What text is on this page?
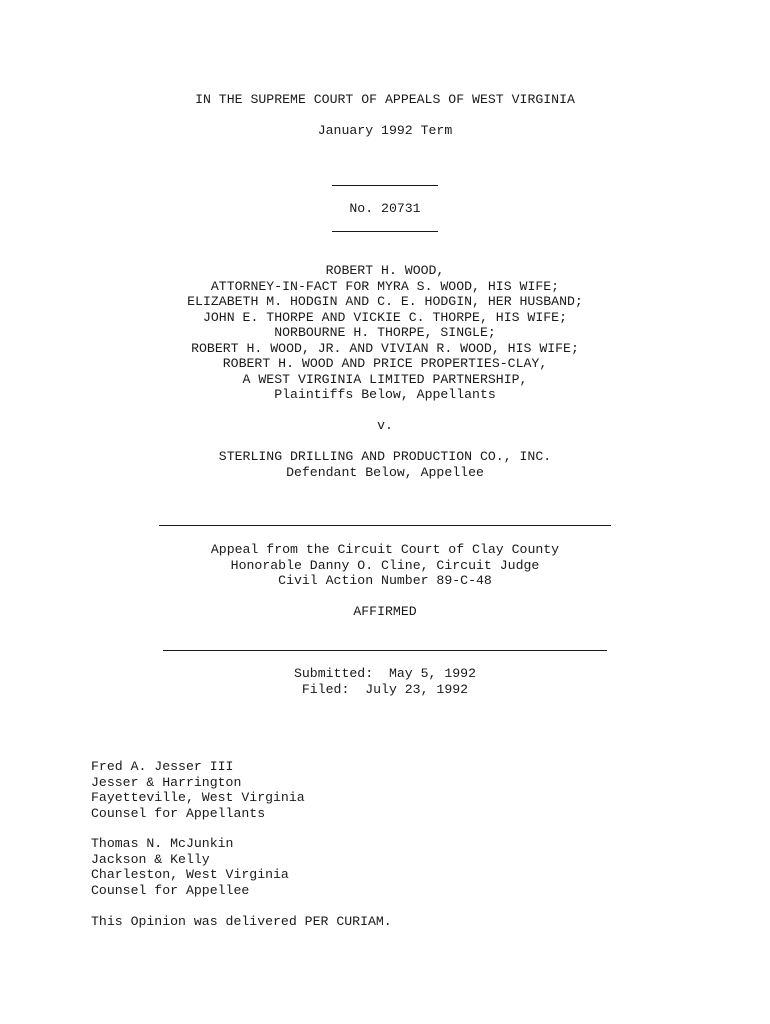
IN THE SUPREME COURT OF APPEALS OF WEST VIRGINIA
January 1992 Term
No. 20731
ROBERT H. WOOD,
ATTORNEY-IN-FACT FOR MYRA S. WOOD, HIS WIFE;
ELIZABETH M. HODGIN AND C. E. HODGIN, HER HUSBAND;
JOHN E. THORPE AND VICKIE C. THORPE, HIS WIFE;
NORBOURNE H. THORPE, SINGLE;
ROBERT H. WOOD, JR. AND VIVIAN R. WOOD, HIS WIFE;
ROBERT H. WOOD AND PRICE PROPERTIES-CLAY,
A WEST VIRGINIA LIMITED PARTNERSHIP,
Plaintiffs Below, Appellants
v.
STERLING DRILLING AND PRODUCTION CO., INC.
Defendant Below, Appellee
Appeal from the Circuit Court of Clay County
Honorable Danny O. Cline, Circuit Judge
Civil Action Number 89-C-48
AFFIRMED
Submitted:  May 5, 1992
Filed:  July 23, 1992
Fred A. Jesser III
Jesser & Harrington
Fayetteville, West Virginia
Counsel for Appellants
Thomas N. McJunkin
Jackson & Kelly
Charleston, West Virginia
Counsel for Appellee
This Opinion was delivered PER CURIAM.
